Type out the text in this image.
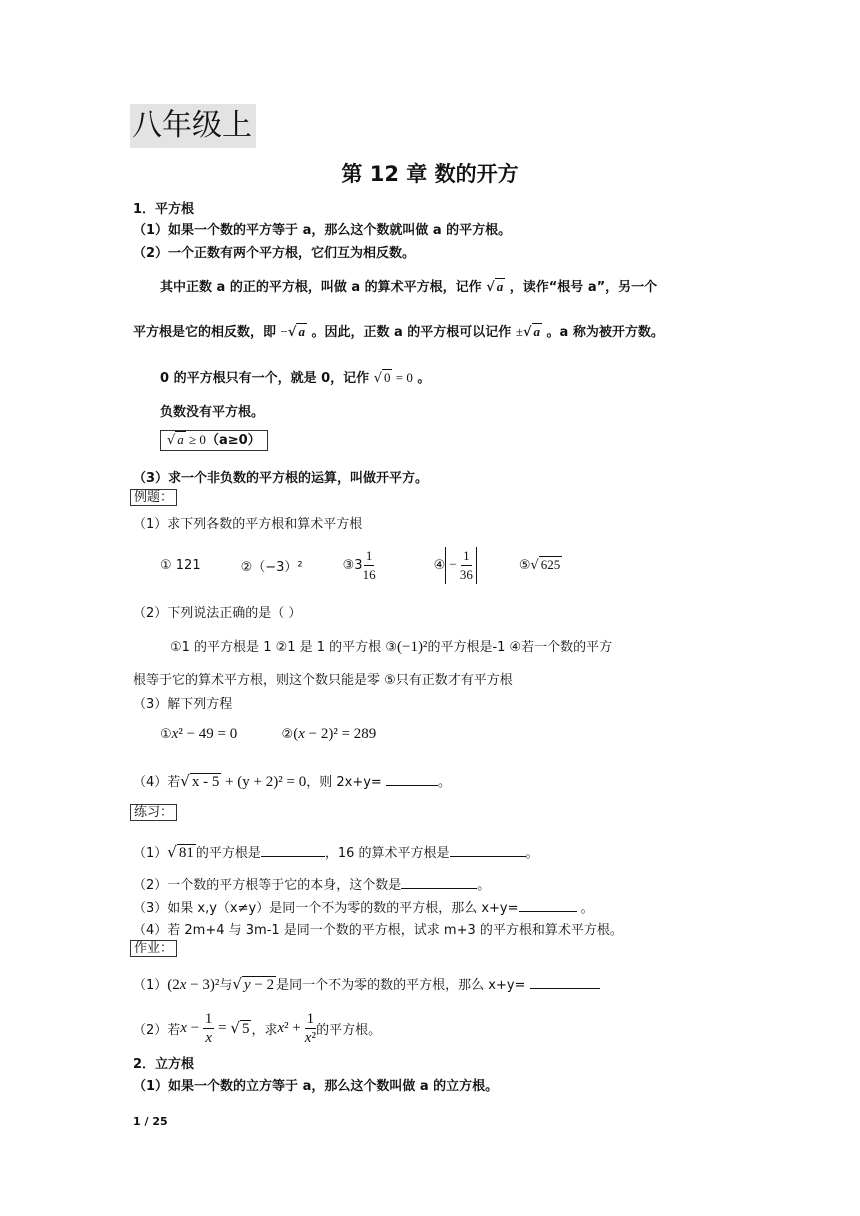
八年级上
第 12 章 数的开方
1．平方根
（1）如果一个数的平方等于 a，那么这个数就叫做 a 的平方根。
（2）一个正数有两个平方根，它们互为相反数。
其中正数 a 的正的平方根，叫做 a 的算术平方根，记作 √ a ，读作“根号 a”，另一个
平方根是它的相反数，即 −√ a 。因此，正数 a 的平方根可以记作 ±√ a 。a 称为被开方数。
0 的平方根只有一个，就是 0，记作 √ 0 = 0 。
负数没有平方根。
√ a ≥ 0（a≥0）
（3）求一个非负数的平方根的运算，叫做开平方。
例题：
（1）求下列各数的平方根和算术平方根
① 121	②（−3）²	③3 $\frac{1}{16}$	④ − $\frac{1}{36}$	⑤ √ 625
（2）下列说法正确的是（ ）
①1 的平方根是 1 ②1 是 1 的平方根 ③(−1)²的平方根是-1 ④若一个数的平方
根等于它的算术平方根，则这个数只能是零 ⑤只有正数才有平方根
（3）解下列方程
①x² − 49 = 0	②(x − 2)² = 289
（4）若√ x - 5 + (y + 2)² = 0，则 2x+y=	。
练习：
（1）√ 81 的平方根是	，16 的算术平方根是	。
（2）一个数的平方根等于它的本身，这个数是	。
（3）如果 x,y（x≠y）是同一个不为零的数的平方根，那么 x+y=	。
（4）若 2m+4 与 3m-1 是同一个数的平方根，试求 m+3 的平方根和算术平方根。
作业：
（1）(2x − 3)²与√ y − 2 是同一个不为零的数的平方根，那么 x+y=
（2）若 $x - \frac{1}{x}$ = √ 5 ，求 x $^2 + \frac{1}{\text{x²}}$ 的平方根。
2．立方根
（1）如果一个数的立方等于 a，那么这个数叫做 a 的立方根。
1 / 25
